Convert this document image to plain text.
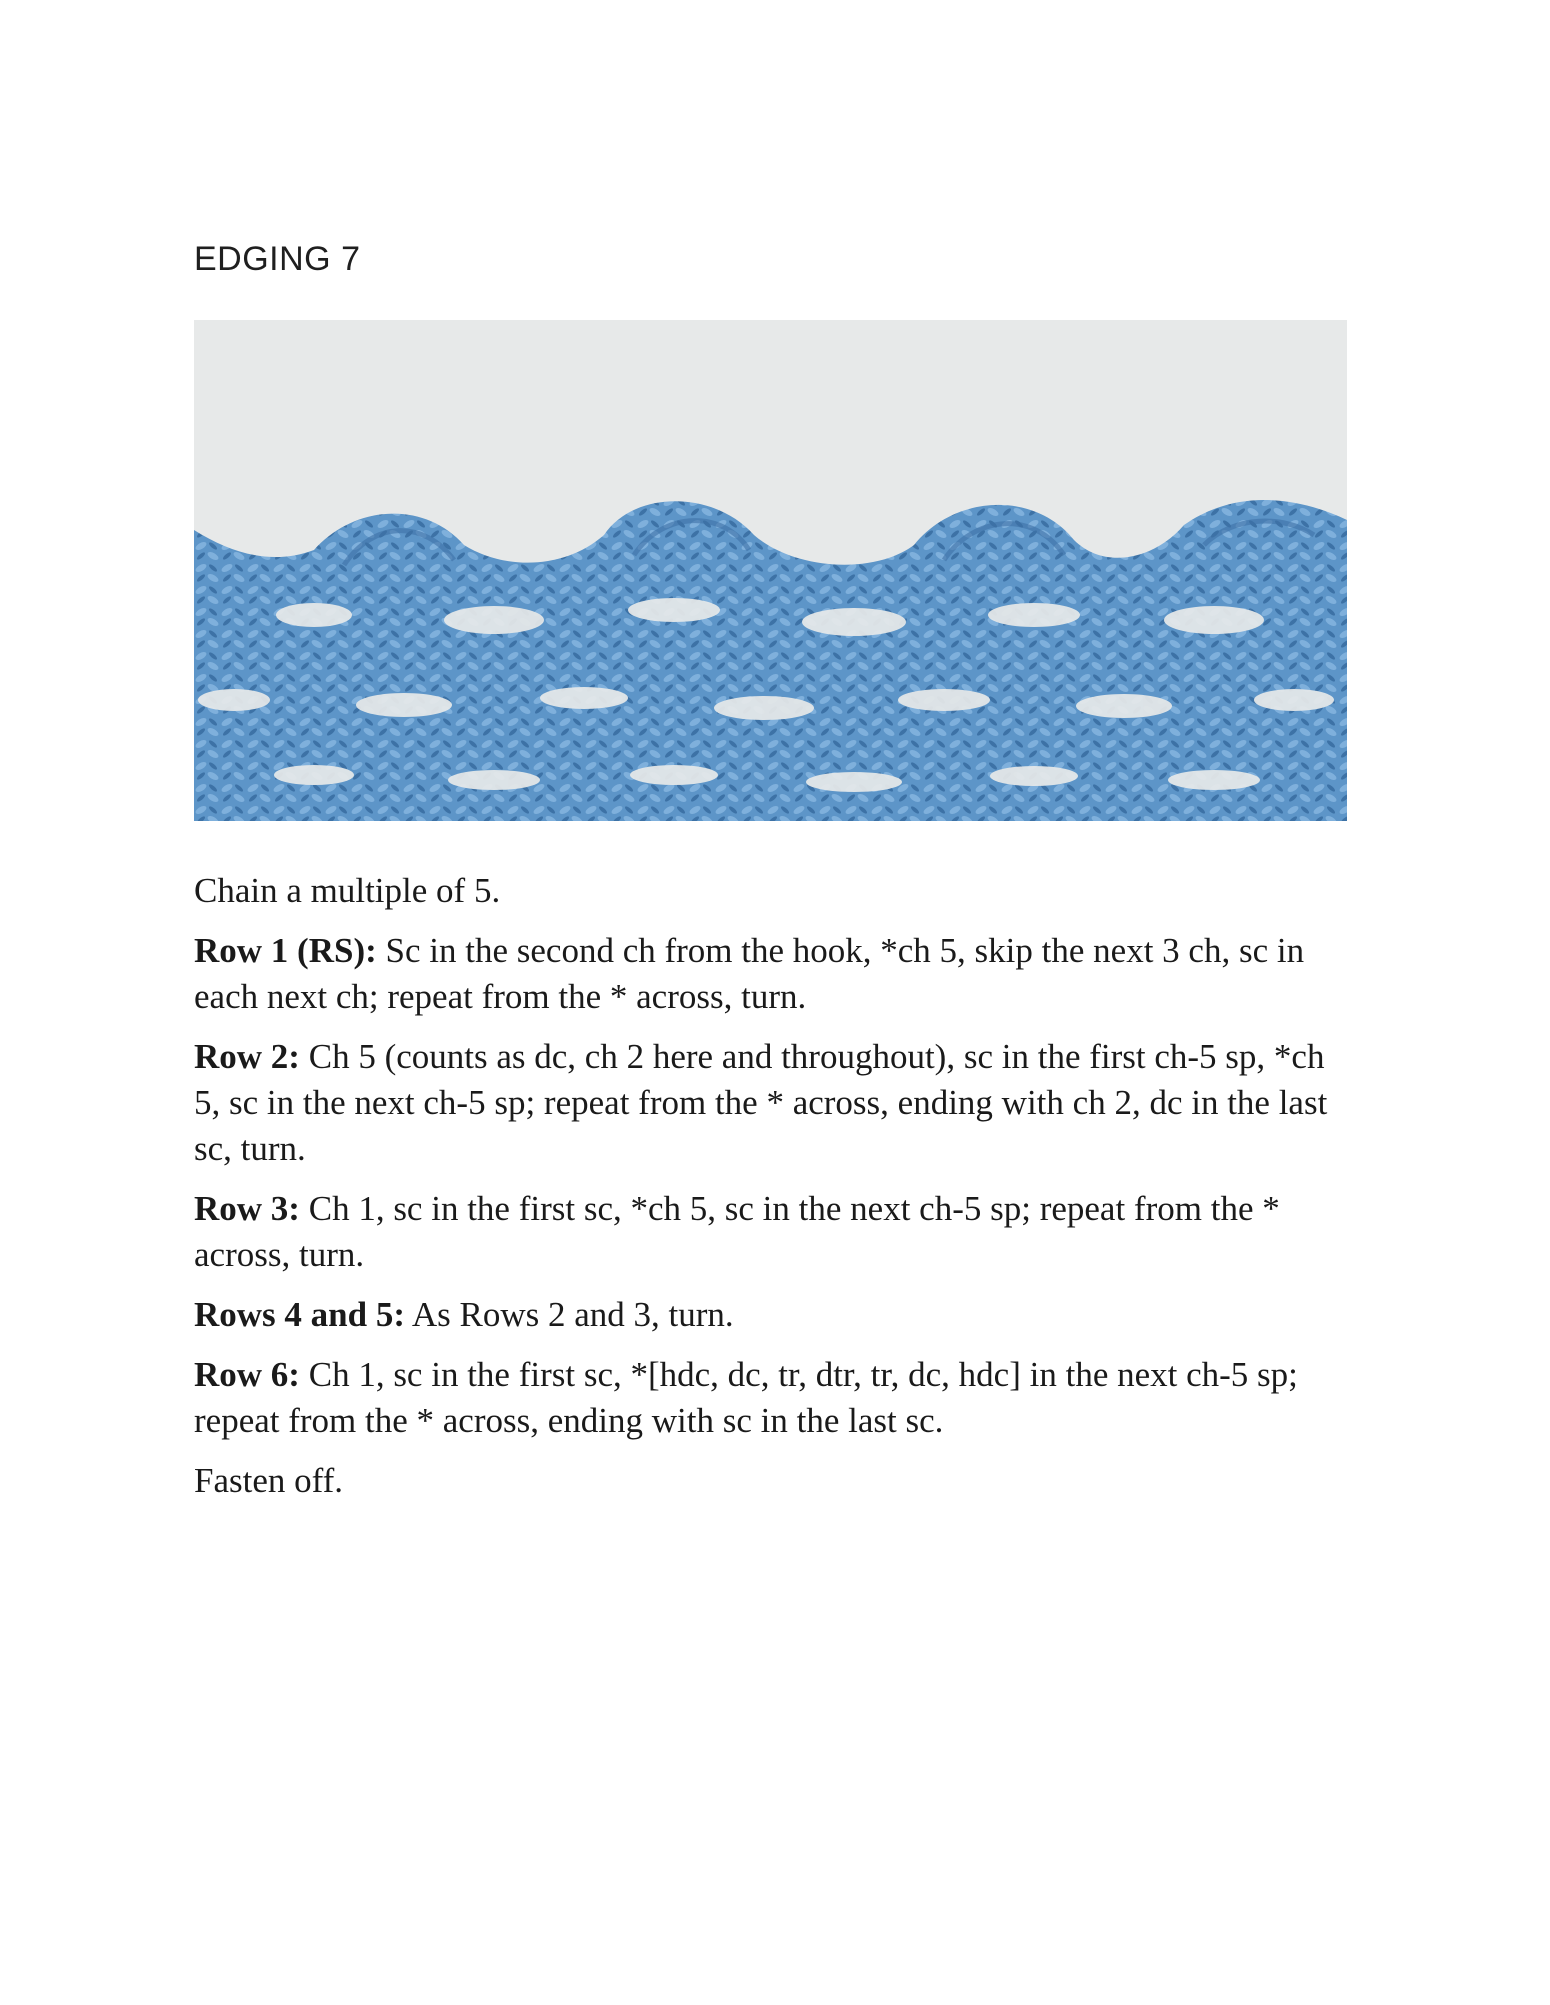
EDGING 7

Chain a multiple of 5.

Row 1 (RS): Sc in the second ch from the hook, *ch 5, skip the next 3 ch, sc in each next ch; repeat from the * across, turn.

Row 2: Ch 5 (counts as dc, ch 2 here and throughout), sc in the first ch-5 sp, *ch 5, sc in the next ch-5 sp; repeat from the * across, ending with ch 2, dc in the last sc, turn.

Row 3: Ch 1, sc in the first sc, *ch 5, sc in the next ch-5 sp; repeat from the * across, turn.

Rows 4 and 5: As Rows 2 and 3, turn.

Row 6: Ch 1, sc in the first sc, *[hdc, dc, tr, dtr, tr, dc, hdc] in the next ch-5 sp; repeat from the * across, ending with sc in the last sc.

Fasten off.
